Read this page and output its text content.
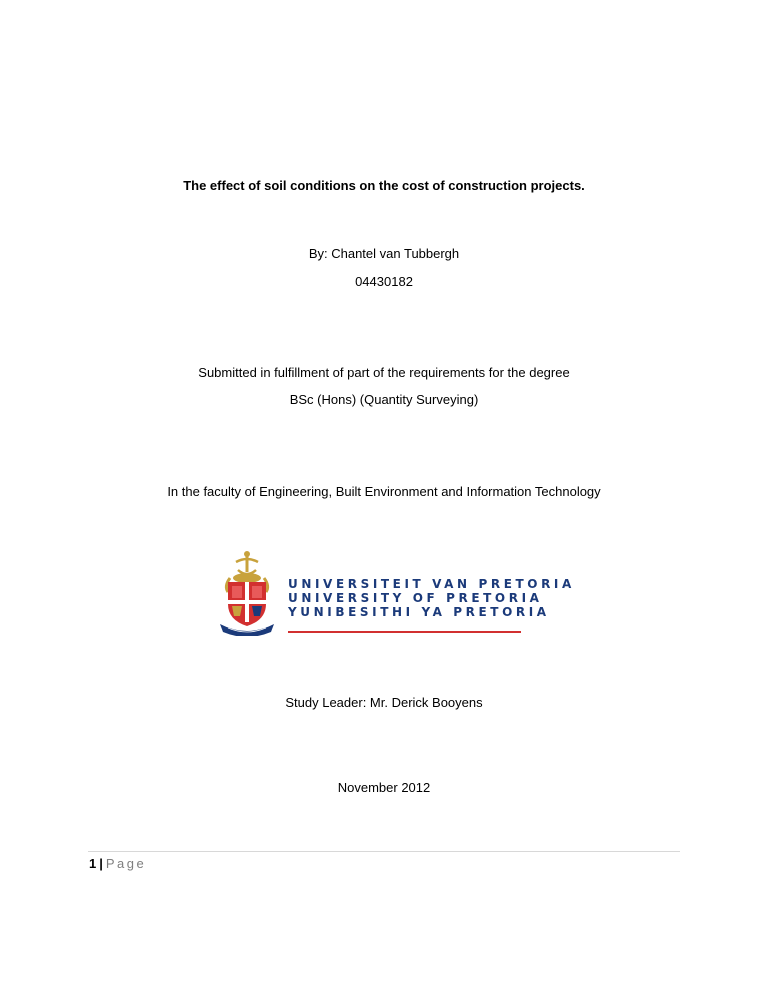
The effect of soil conditions on the cost of construction projects.
By: Chantel van Tubbergh
04430182
Submitted in fulfillment of part of the requirements for the degree
BSc (Hons) (Quantity Surveying)
In the faculty of Engineering, Built Environment and Information Technology
UNIVERSITEIT VAN PRETORIA
UNIVERSITY OF PRETORIA
YUNIBESITHI YA PRETORIA
Study Leader: Mr. Derick Booyens
November 2012
1 | Page
